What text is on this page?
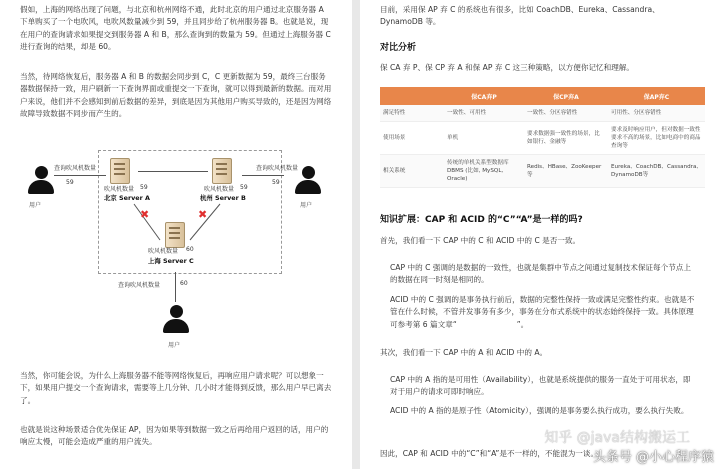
假如，上海的网络出现了问题，与北京和杭州网络不通，此时北京的用户通过北京服务器 A 下单购买了一个电吹风，电吹风数量减少到 59，并且同步给了杭州服务器 B。也就是说，现在用户的查询请求如果提交到服务器 A 和 B，那么查询到的数量为 59。但通过上海服务器 C 进行查询的结果，却是 60。

当然，待网络恢复后，服务器 A 和 B 的数据会同步到 C，C 更新数据为 59，最终三台服务器数据保持一致，用户刷新一下查询界面或重提交一下查询，就可以得到最新的数据。而对用户来说，他们并不会感知到前后数据的差异，到底是因为其他用户购买导致的，还是因为网络故障导致数据不同步而产生的。

用户
查询吹风机数量
59
吹风机数量 59
北京 Server A
吹风机数量 59
杭州 Server B
查询吹风机数量
59
用户
✖	✖
吹风机数量 60
上海 Server C
查询吹风机数量	60
用户

当然，你可能会说，为什么上海服务器不能等网络恢复后，再响应用户请求呢？可以想象一下，如果用户提交一个查询请求，需要等上几分钟、几小时才能得到反馈，那么用户早已离去了。

也就是说这种场景适合优先保证 AP，因为如果等到数据一致之后再给用户返回的话，用户的响应太慢，可能会造成严重的用户流失。

目前，采用保 AP 弃 C 的系统也有很多，比如 CoachDB、Eureka、Cassandra、DynamoDB 等。

对比分析

保 CA 弃 P、保 CP 弃 A 和保 AP 弃 C 这三种策略，以方便你记忆和理解。

	保CA弃P	保CP弃A	保AP弃C
满足特性	一致性、可用性	一致性、分区容错性	可用性、分区容错性
使用场景	单机	要求数据强一致性的场景，比如银行、金融等	要求及时响应用户，但对数据一致性要求不高的场景，比如电商中的商品查询等
相关系统	传统的单机关系型数据库 DBMS (比如, MySQL, Oracle)	Redis、HBase、ZooKeeper等	Eureka、CoachDB、Cassandra、DynamoDB等

知识扩展：CAP 和 ACID 的“C”“A”是一样的吗?

首先，我们看一下 CAP 中的 C 和 ACID 中的 C 是否一致。

CAP 中的 C 强调的是数据的一致性，也就是集群中节点之间通过复制技术保证每个节点上的数据在同一时刻是相同的。

ACID 中的 C 强调的是事务执行前后，数据的完整性保持一致或满足完整性约束。也就是不管在什么时候，不管并发事务有多少，事务在分布式系统中的状态始终保持一致。具体原理可参考第 6 篇文章“	”。

其次，我们看一下 CAP 中的 A 和 ACID 中的 A。

CAP 中的 A 指的是可用性（Availability），也就是系统提供的服务一直处于可用状态，即对于用户的请求可即时响应。

ACID 中的 A 指的是原子性（Atomicity），强调的是事务要么执行成功，要么执行失败。

因此，CAP 和 ACID 中的“C”和“A”是不一样的，不能混为一谈。

知乎 @java结构搬运工
头条号 @小心程序猿
